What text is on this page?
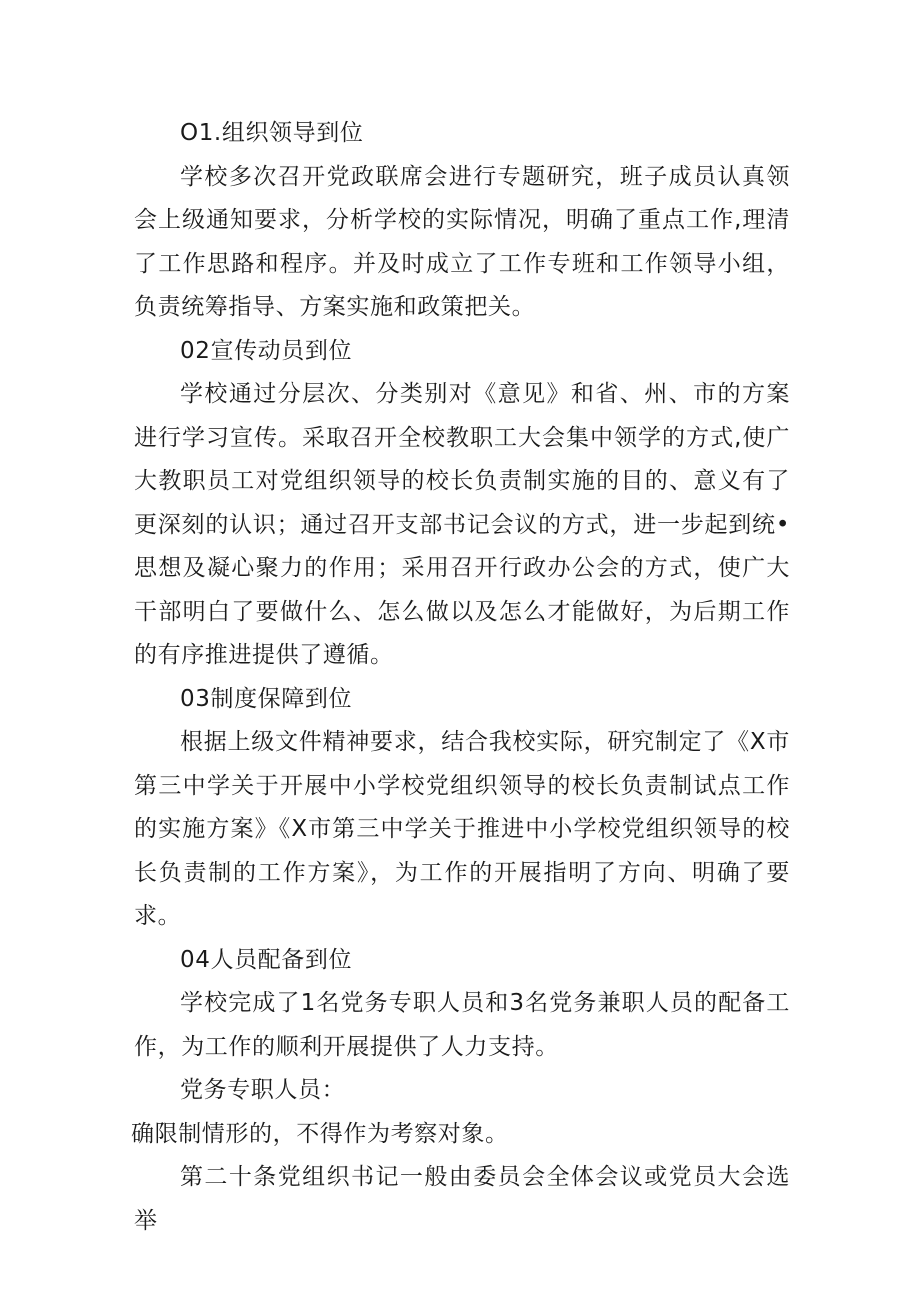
O1.组织领导到位

学校多次召开党政联席会进行专题研究，班子成员认真领会上级通知要求，分析学校的实际情况，明确了重点工作,理清了工作思路和程序。并及时成立了工作专班和工作领导小组，负责统筹指导、方案实施和政策把关。

02宣传动员到位

学校通过分层次、分类别对《意见》和省、州、市的方案进行学习宣传。采取召开全校教职工大会集中领学的方式,使广大教职员工对党组织领导的校长负责制实施的目的、意义有了更深刻的认识；通过召开支部书记会议的方式，进一步起到统•思想及凝心聚力的作用；采用召开行政办公会的方式，使广大干部明白了要做什么、怎么做以及怎么才能做好，为后期工作的有序推进提供了遵循。

03制度保障到位

根据上级文件精神要求，结合我校实际，研究制定了《X市第三中学关于开展中小学校党组织领导的校长负责制试点工作的实施方案》《X市第三中学关于推进中小学校党组织领导的校长负责制的工作方案》，为工作的开展指明了方向、明确了要求。

04人员配备到位

学校完成了1名党务专职人员和3名党务兼职人员的配备工作，为工作的顺利开展提供了人力支持。

党务专职人员：

确限制情形的，不得作为考察对象。

第二十条党组织书记一般由委员会全体会议或党员大会选举
